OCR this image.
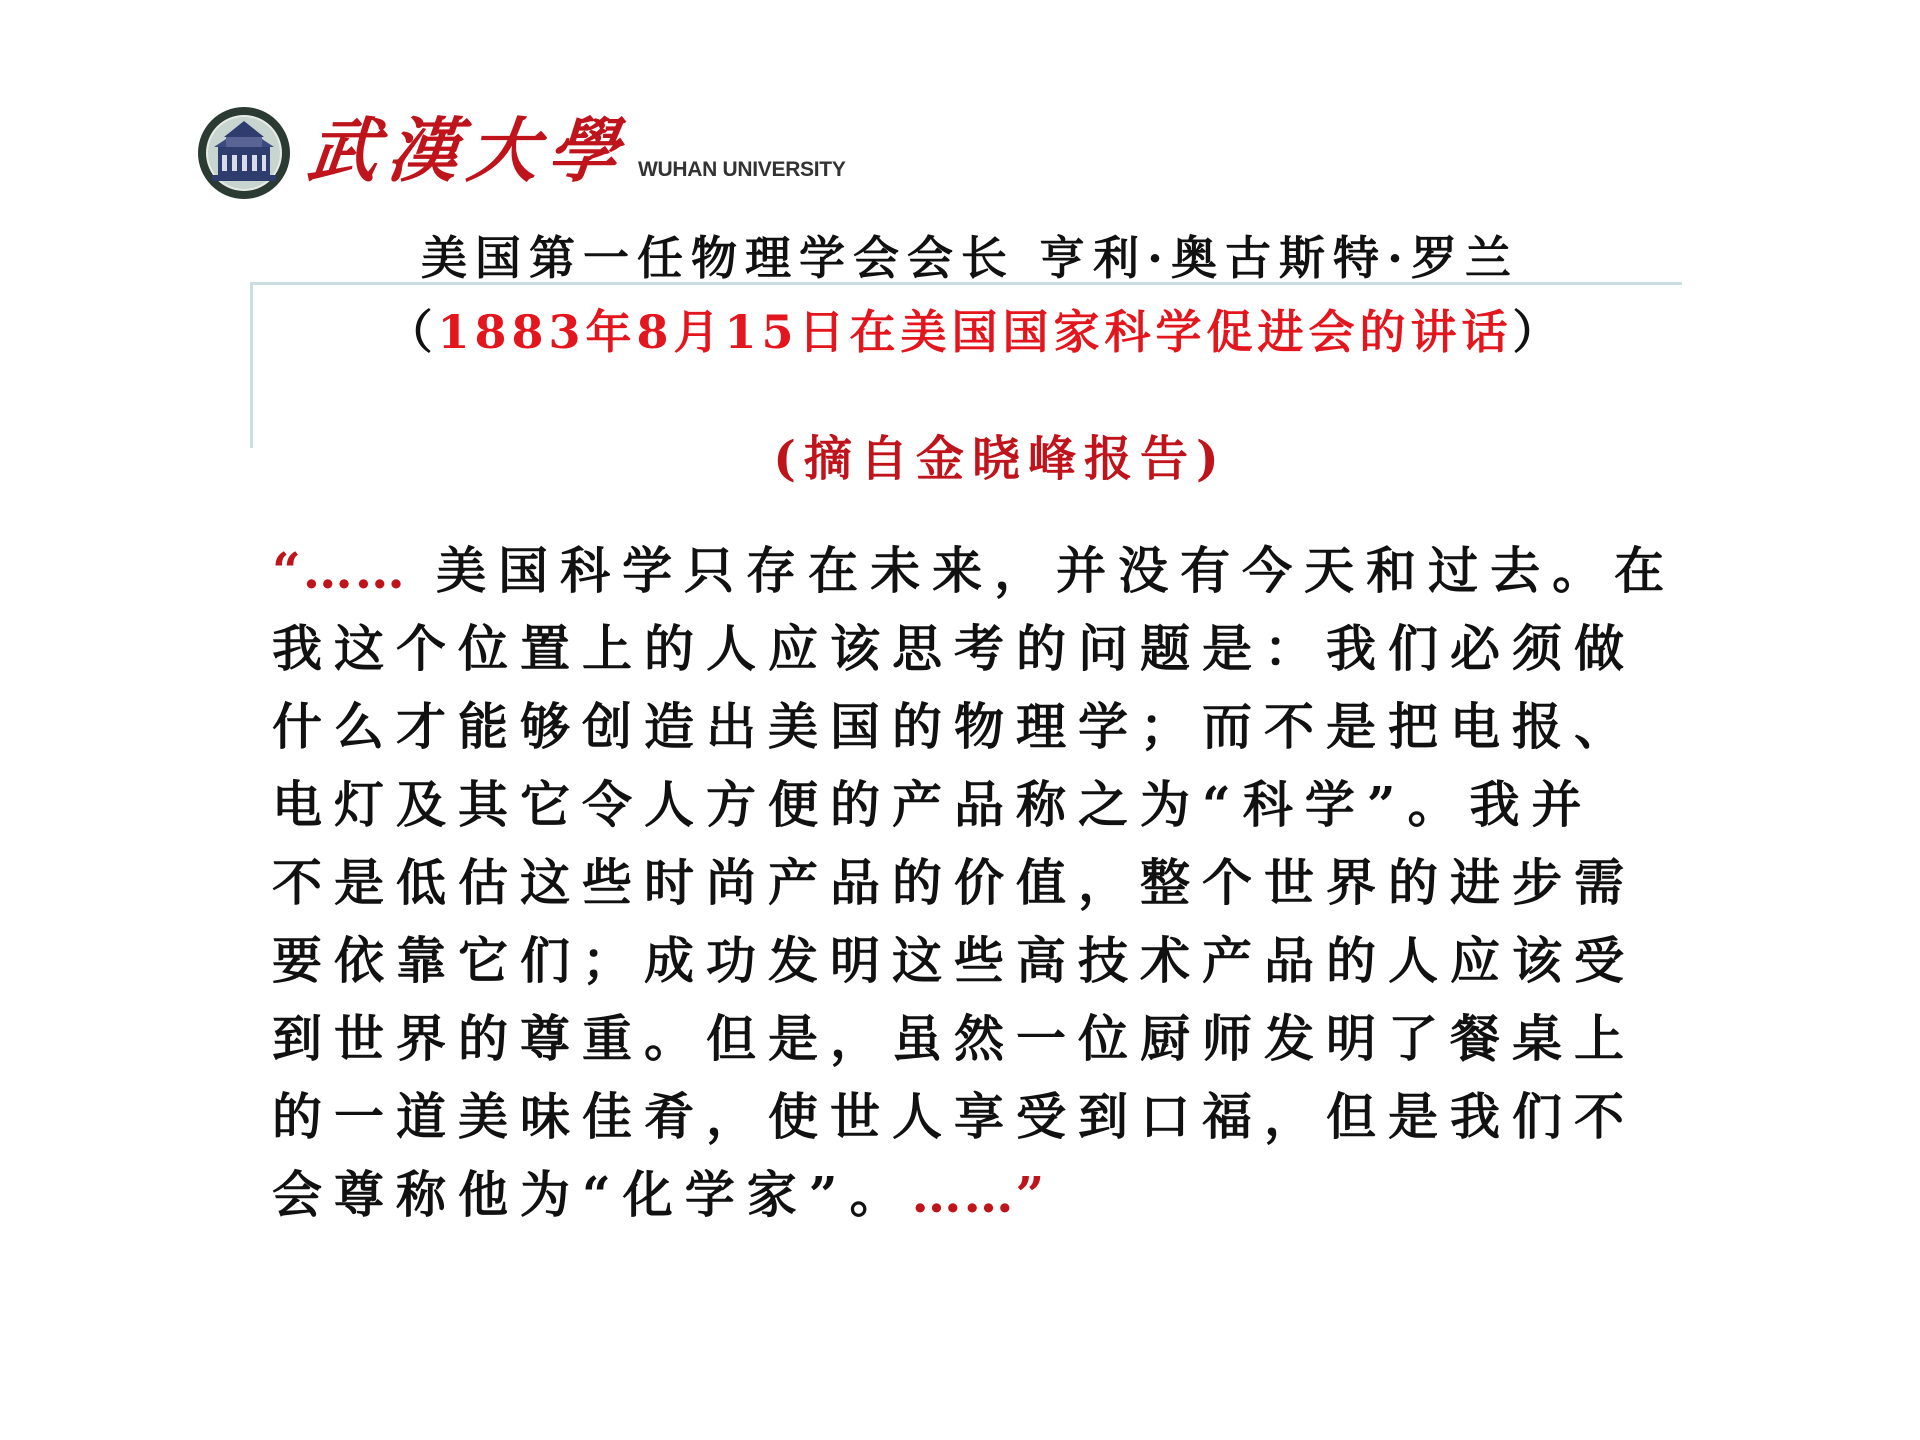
武漢大學 WUHAN UNIVERSITY
美国第一任物理学会会长 亨利·奥古斯特·罗兰
（1883年8月15日在美国国家科学促进会的讲话）
(摘自金晓峰报告)
“…… 美国科学只存在未来，并没有今天和过去。在
我这个位置上的人应该思考的问题是：我们必须做
什么才能够创造出美国的物理学；而不是把电报、
电灯及其它令人方便的产品称之为“科学”。我并
不是低估这些时尚产品的价值，整个世界的进步需
要依靠它们；成功发明这些高技术产品的人应该受
到世界的尊重。但是，虽然一位厨师发明了餐桌上
的一道美味佳肴，使世人享受到口福，但是我们不
会尊称他为“化学家”。……”
